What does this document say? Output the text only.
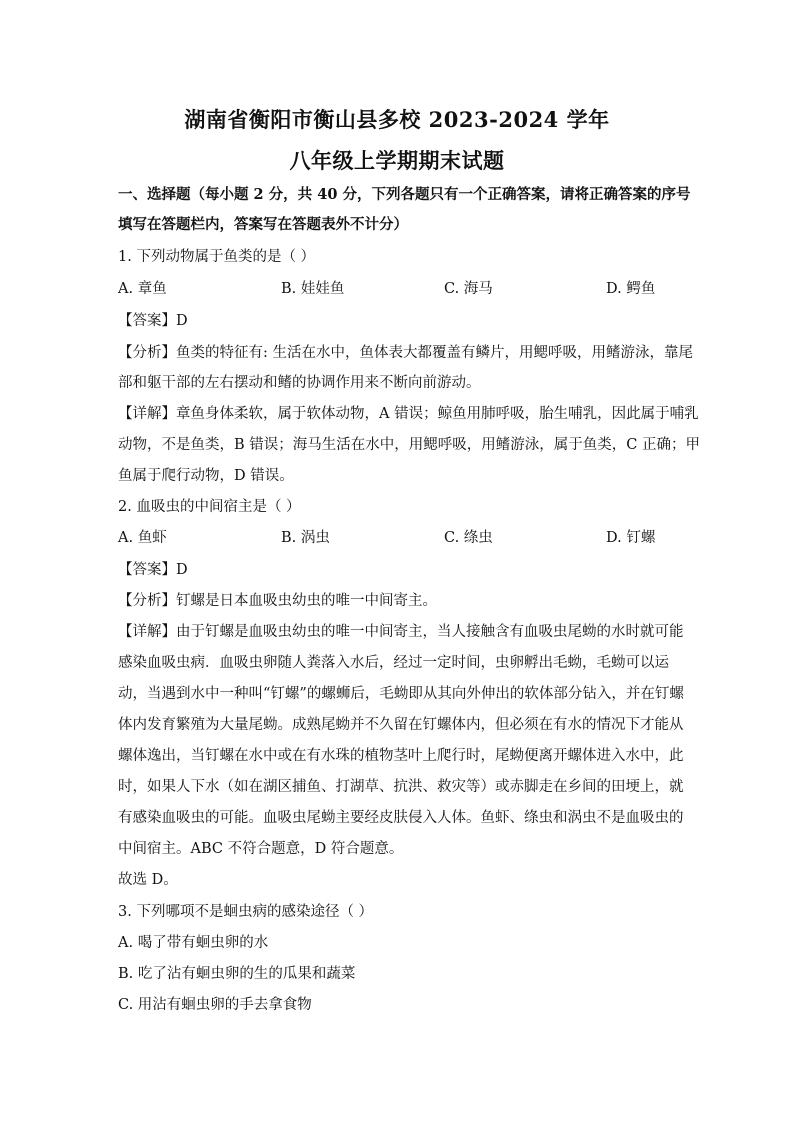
湖南省衡阳市衡山县多校 2023-2024 学年
八年级上学期期末试题
一、选择题（每小题 2 分，共 40 分，下列各题只有一个正确答案，请将正确答案的序号
填写在答题栏内，答案写在答题表外不计分）
1. 下列动物属于鱼类的是（ ）
A. 章鱼	B. 娃娃鱼	C. 海马	D. 鳄鱼
【答案】D
【分析】鱼类的特征有: 生活在水中，鱼体表大都覆盖有鳞片，用鳃呼吸，用鳍游泳，靠尾
部和躯干部的左右摆动和鳍的协调作用来不断向前游动。
【详解】章鱼身体柔软，属于软体动物，A 错误；鲸鱼用肺呼吸，胎生哺乳，因此属于哺乳
动物，不是鱼类，B 错误；海马生活在水中，用鳃呼吸，用鳍游泳，属于鱼类，C 正确；甲
鱼属于爬行动物，D 错误。
2. 血吸虫的中间宿主是（ ）
A. 鱼虾	B. 涡虫	C. 绦虫	D. 钉螺
【答案】D
【分析】钉螺是日本血吸虫幼虫的唯一中间寄主。
【详解】由于钉螺是血吸虫幼虫的唯一中间寄主，当人接触含有血吸虫尾蚴的水时就可能
感染血吸虫病．血吸虫卵随人粪落入水后，经过一定时间，虫卵孵出毛蚴，毛蚴可以运
动，当遇到水中一种叫“钉螺”的螺蛳后，毛蚴即从其向外伸出的软体部分钻入，并在钉螺
体内发育繁殖为大量尾蚴。成熟尾蚴并不久留在钉螺体内，但必须在有水的情况下才能从
螺体逸出，当钉螺在水中或在有水珠的植物茎叶上爬行时，尾蚴便离开螺体进入水中，此
时，如果人下水（如在湖区捕鱼、打湖草、抗洪、救灾等）或赤脚走在乡间的田埂上，就
有感染血吸虫的可能。血吸虫尾蚴主要经皮肤侵入人体。鱼虾、绦虫和涡虫不是血吸虫的
中间宿主。ABC 不符合题意，D 符合题意。
故选 D。
3. 下列哪项不是蛔虫病的感染途径（ ）
A. 喝了带有蛔虫卵的水
B. 吃了沾有蛔虫卵的生的瓜果和蔬菜
C. 用沾有蛔虫卵的手去拿食物
